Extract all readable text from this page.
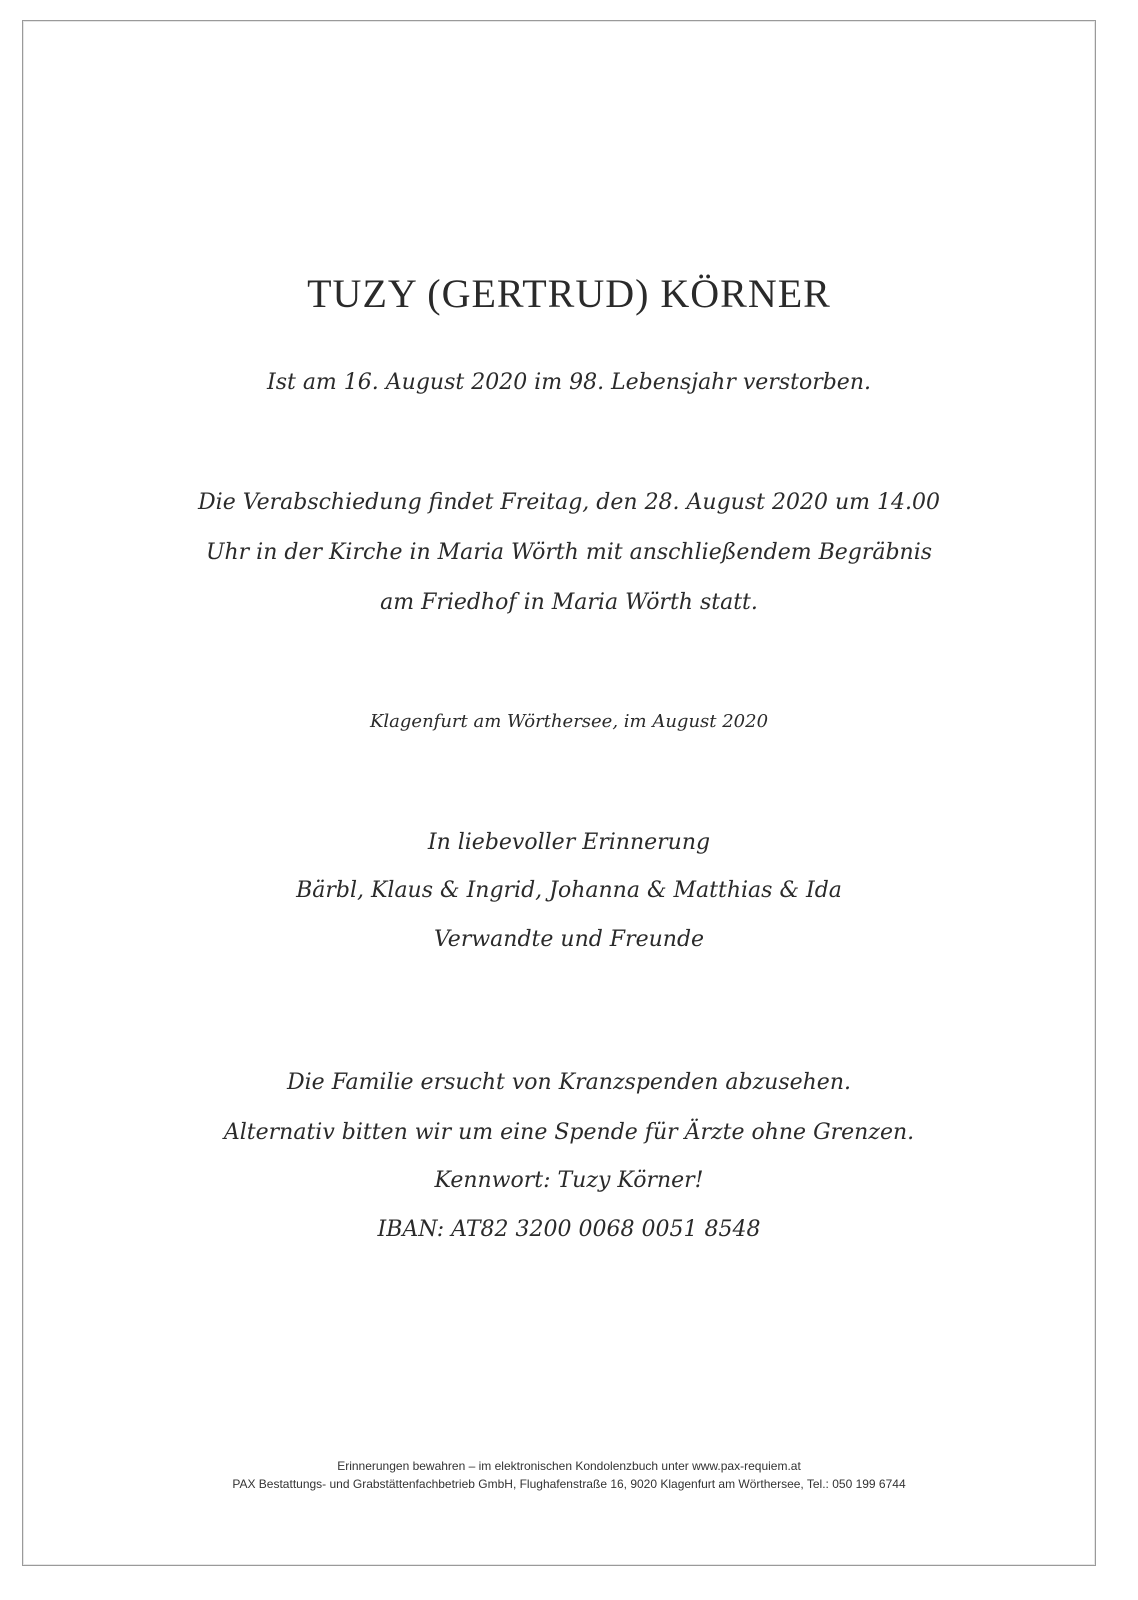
TUZY (GERTRUD) KÖRNER
Ist am 16. August 2020 im 98. Lebensjahr verstorben.
Die Verabschiedung findet Freitag, den 28. August 2020 um 14.00
Uhr in der Kirche in Maria Wörth mit anschließendem Begräbnis
am Friedhof in Maria Wörth statt.
Klagenfurt am Wörthersee, im August 2020
In liebevoller Erinnerung
Bärbl, Klaus & Ingrid, Johanna & Matthias & Ida
Verwandte und Freunde
Die Familie ersucht von Kranzspenden abzusehen.
Alternativ bitten wir um eine Spende für Ärzte ohne Grenzen.
Kennwort: Tuzy Körner!
IBAN: AT82 3200 0068 0051 8548
Erinnerungen bewahren – im elektronischen Kondolenzbuch unter www.pax-requiem.at
PAX Bestattungs- und Grabstättenfachbetrieb GmbH, Flughafenstraße 16, 9020 Klagenfurt am Wörthersee, Tel.: 050 199 6744
